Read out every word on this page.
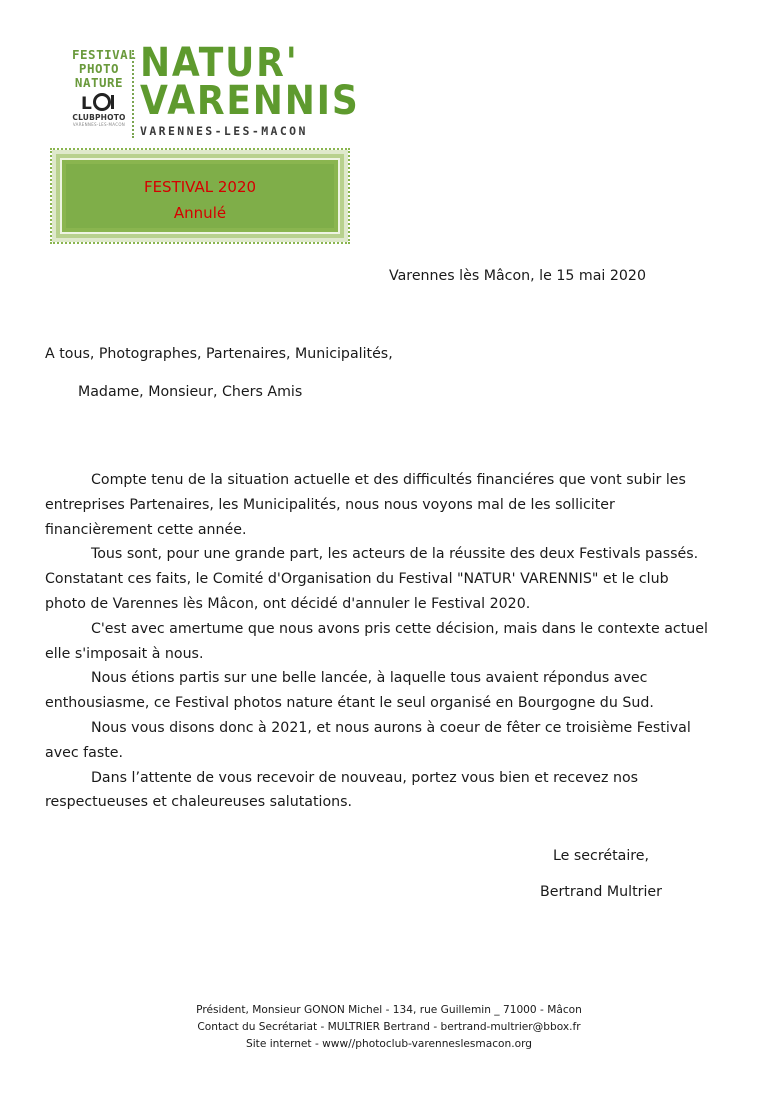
FESTIVAL
PHOTO
NATURE
L
CLUBPHOTO
VARENNES-LES-MACON
NATUR'
VARENNIS
VARENNES-LES-MACON
FESTIVAL 2020
Annulé
Varennes lès Mâcon, le 15 mai 2020
A tous, Photographes, Partenaires, Municipalités,
Madame, Monsieur, Chers Amis

Compte tenu de la situation actuelle et des difficultés financiéres que vont subir les
entreprises Partenaires, les Municipalités, nous nous voyons mal de les solliciter
financièrement cette année.

Tous sont, pour une grande part, les acteurs de la réussite des deux Festivals passés.
Constatant ces faits, le Comité d'Organisation du Festival "NATUR' VARENNIS" et le club
photo de Varennes lès Mâcon, ont décidé d'annuler le Festival 2020.

C'est avec amertume que nous avons pris cette décision, mais dans le contexte actuel
elle s'imposait à nous.

Nous étions partis sur une belle lancée, à laquelle tous avaient répondus avec
enthousiasme, ce Festival photos nature étant le seul organisé en Bourgogne du Sud.

Nous vous disons donc à 2021, et nous aurons à coeur de fêter ce troisième Festival
avec faste.

Dans l’attente de vous recevoir de nouveau, portez vous bien et recevez nos
respectueuses et chaleureuses salutations.

Le secrétaire,
Bertrand Multrier
Président, Monsieur GONON Michel - 134, rue Guillemin _ 71000 - Mâcon
Contact du Secrétariat - MULTRIER Bertrand - bertrand-multrier@bbox.fr
Site internet - www//photoclub-varenneslesmacon.org
